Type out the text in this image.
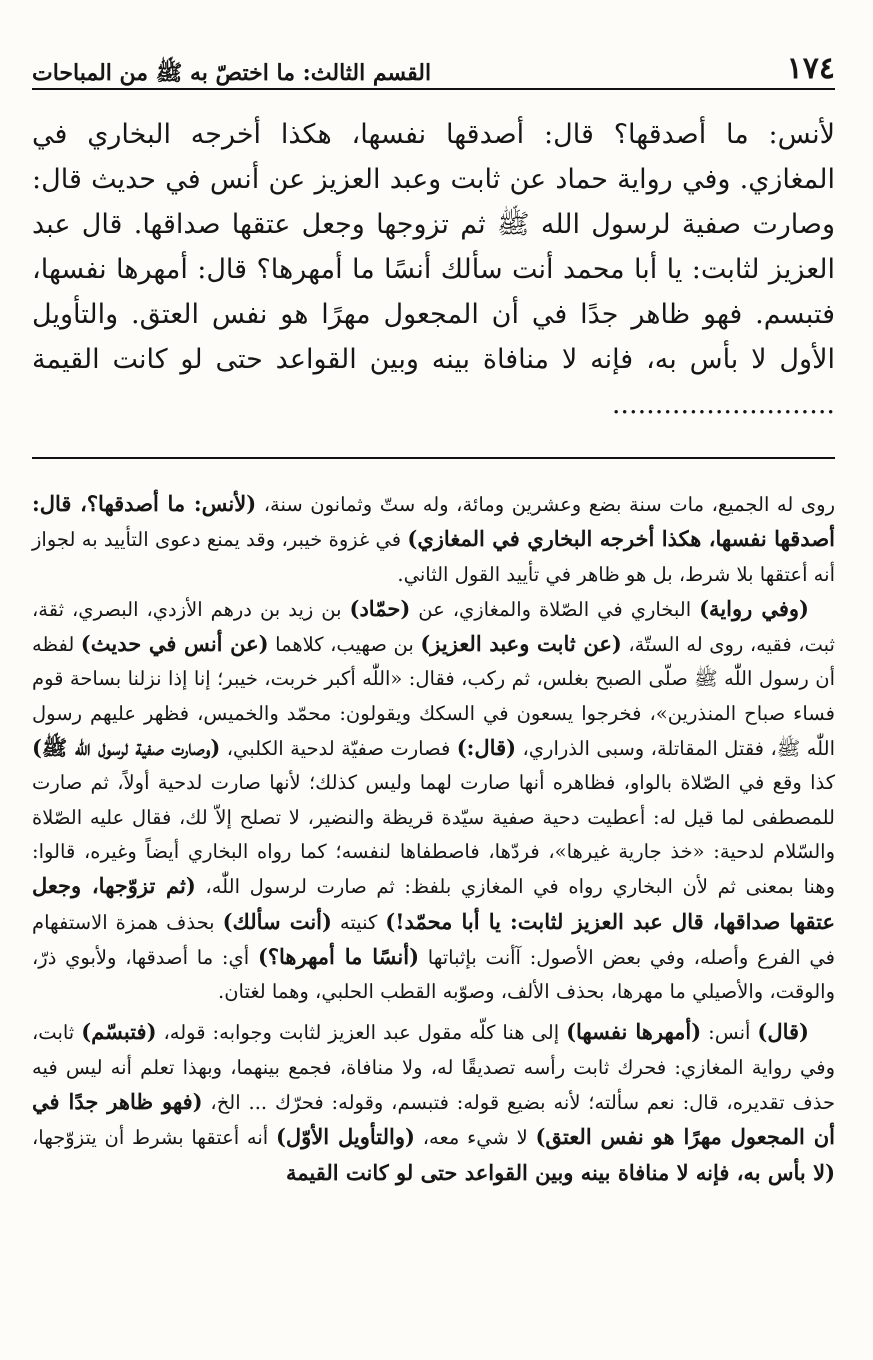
١٧٤
القسم الثالث: ما اختصّ به ﷺ من المباحات

لأنس: ما أصدقها؟ قال: أصدقها نفسها، هكذا أخرجه البخاري في المغازي. وفي رواية حماد عن ثابت وعبد العزيز عن أنس في حديث قال: وصارت صفية لرسول الله ﷺ ثم تزوجها وجعل عتقها صداقها. قال عبد العزيز لثابت: يا أبا محمد أنت سألك أنسًا ما أمهرها؟ قال: أمهرها نفسها، فتبسم. فهو ظاهر جدًا في أن المجعول مهرًا هو نفس العتق. والتأويل الأول لا بأس به، فإنه لا منافاة بينه وبين القواعد حتى لو كانت القيمة ..........................

روى له الجميع، مات سنة بضع وعشرين ومائة، وله ستّ وثمانون سنة، (لأنس: ما أصدقها؟، قال: أصدقها نفسها، هكذا أخرجه البخاري في المغازي) في غزوة خيبر، وقد يمنع دعوى التأييد به لجواز أنه أعتقها بلا شرط، بل هو ظاهر في تأييد القول الثاني.

(وفي رواية) البخاري في الصّلاة والمغازي، عن (حمّاد) بن زيد بن درهم الأزدي، البصري، ثقة، ثبت، فقيه، روى له الستّة، (عن ثابت وعبد العزيز) بن صهيب، كلاهما (عن أنس في حديث) لفظه أن رسول اللّٰه ﷺ صلّى الصبح بغلس، ثم ركب، فقال: «اللّٰه أكبر خربت، خيبر؛ إنا إذا نزلنا بساحة قوم فساء صباح المنذرين»، فخرجوا يسعون في السكك ويقولون: محمّد والخميس، فظهر عليهم رسول اللّٰه ﷺ، فقتل المقاتلة، وسبى الذراري، (قال:) فصارت صفيّة لدحية الكلبي، (وصارت صفية لرسول اللّٰه ﷺ) كذا وقع في الصّلاة بالواو، فظاهره أنها صارت لهما وليس كذلك؛ لأنها صارت لدحية أولاً، ثم صارت للمصطفى لما قيل له: أعطيت دحية صفية سيّدة قريظة والنضير، لا تصلح إلاّ لك، فقال عليه الصّلاة والسّلام لدحية: «خذ جارية غيرها»، فردّها، فاصطفاها لنفسه؛ كما رواه البخاري أيضاً وغيره، قالوا: وهنا بمعنى ثم لأن البخاري رواه في المغازي بلفظ: ثم صارت لرسول اللّٰه، (ثم تزوّجها، وجعل عتقها صداقها، قال عبد العزيز لثابت: يا أبا محمّد!) كنيته (أنت سألك) بحذف همزة الاستفهام في الفرع وأصله، وفي بعض الأصول: آأنت بإثباتها (أنسًا ما أمهرها؟) أي: ما أصدقها، ولأبوي ذرّ، والوقت، والأصيلي ما مهرها، بحذف الألف، وصوّبه القطب الحلبي، وهما لغتان.

(قال) أنس: (أمهرها نفسها) إلى هنا كلّه مقول عبد العزيز لثابت وجوابه: قوله، (فتبسّم) ثابت، وفي رواية المغازي: فحرك ثابت رأسه تصديقًا له، ولا منافاة، فجمع بينهما، وبهذا تعلم أنه ليس فيه حذف تقديره، قال: نعم سألته؛ لأنه بضيع قوله: فتبسم، وقوله: فحرّك ... الخ، (فهو ظاهر جدًا في أن المجعول مهرًا هو نفس العتق) لا شيء معه، (والتأويل الأوّل) أنه أعتقها بشرط أن يتزوّجها، (لا بأس به، فإنه لا منافاة بينه وبين القواعد حتى لو كانت القيمة
